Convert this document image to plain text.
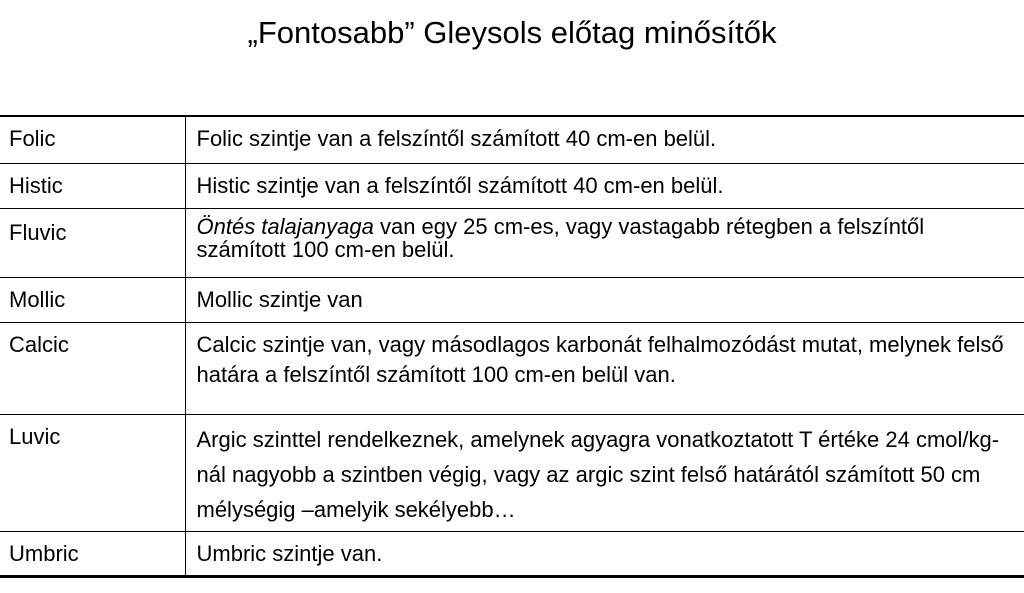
„Fontosabb” Gleysols előtag minősítők
Folic	Folic szintje van a felszíntől számított 40 cm-en belül.
Histic	Histic szintje van a felszíntől számított 40 cm-en belül.
Fluvic	Öntés talajanyaga van egy 25 cm-es, vagy vastagabb rétegben a felszíntől számított 100 cm-en belül.
Mollic	Mollic szintje van
Calcic	Calcic szintje van, vagy másodlagos karbonát felhalmozódást mutat, melynek felső határa a felszíntől számított 100 cm-en belül van.
Luvic	Argic szinttel rendelkeznek, amelynek agyagra vonatkoztatott T értéke 24 cmol/kg-nál nagyobb a szintben végig, vagy az argic szint felső határától számított 50 cm mélységig –amelyik sekélyebb…
Umbric	Umbric szintje van.
